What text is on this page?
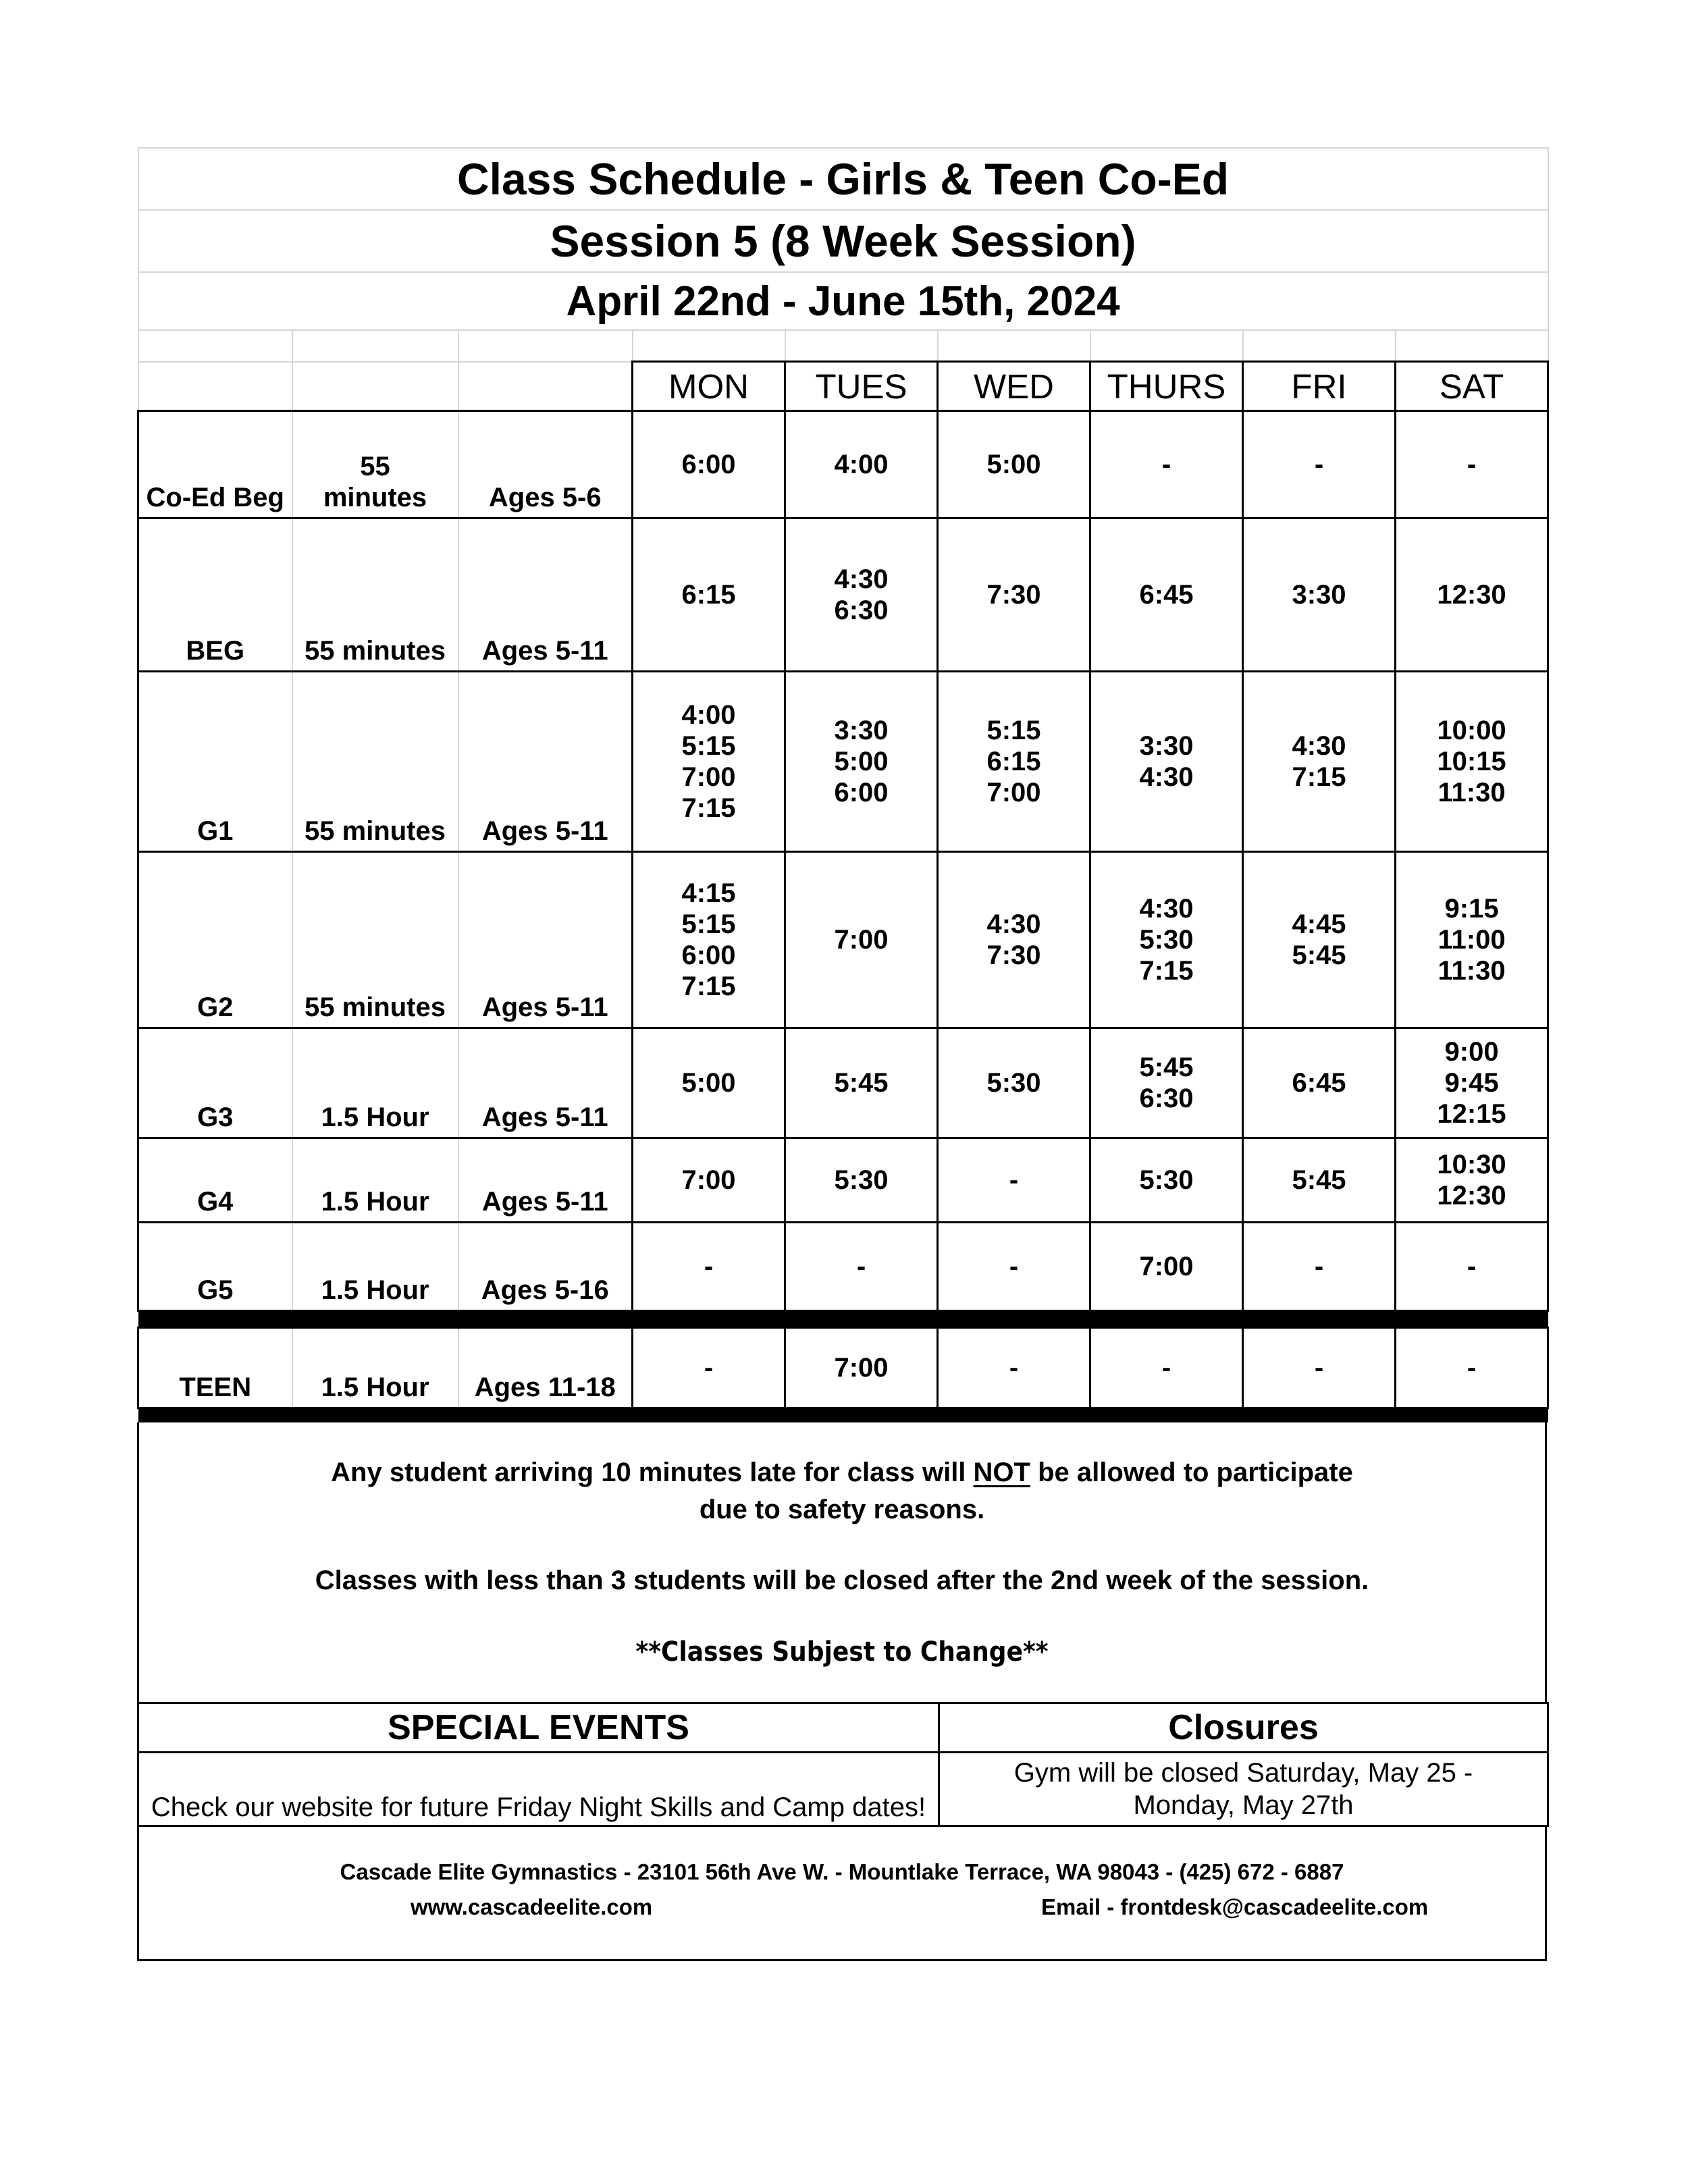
Class Schedule - Girls & Teen Co-Ed								
Session 5 (8 Week Session)								
April 22nd - June 15th, 2024								

			MON	TUES	WED	THURS	FRI	SAT
Co-Ed Beg	55
minutes	Ages 5-6	6:00	4:00	5:00	-	-	-
BEG	55 minutes	Ages 5-11	6:15	4:30
6:30	7:30	6:45	3:30	12:30
G1	55 minutes	Ages 5-11	4:00
5:15
7:00
7:15	3:30
5:00
6:00	5:15
6:15
7:00	3:30
4:30	4:30
7:15	10:00
10:15
11:30
G2	55 minutes	Ages 5-11	4:15
5:15
6:00
7:15	7:00	4:30
7:30	4:30
5:30
7:15	4:45
5:45	9:15
11:00
11:30
G3	1.5 Hour	Ages 5-11	5:00	5:45	5:30	5:45
6:30	6:45	9:00
9:45
12:15
G4	1.5 Hour	Ages 5-11	7:00	5:30	-	5:30	5:45	10:30
12:30
G5	1.5 Hour	Ages 5-16	-	-	-	7:00	-	-

TEEN	1.5 Hour	Ages 11-18	-	7:00	-	-	-	-

Any student arriving 10 minutes late for class will NOT be allowed to participate
due to safety reasons.
Classes with less than 3 students will be closed after the 2nd week of the session.
**Classes Subjest to Change**
SPECIAL EVENTS	Closures
Check our website for future Friday Night Skills and Camp dates!	Gym will be closed Saturday, May 25 - Monday, May 27th
Cascade Elite Gymnastics - 23101 56th Ave W. - Mountlake Terrace, WA 98043 - (425) 672 - 6887
www.cascadeelite.com	Email - frontdesk@cascadeelite.com
